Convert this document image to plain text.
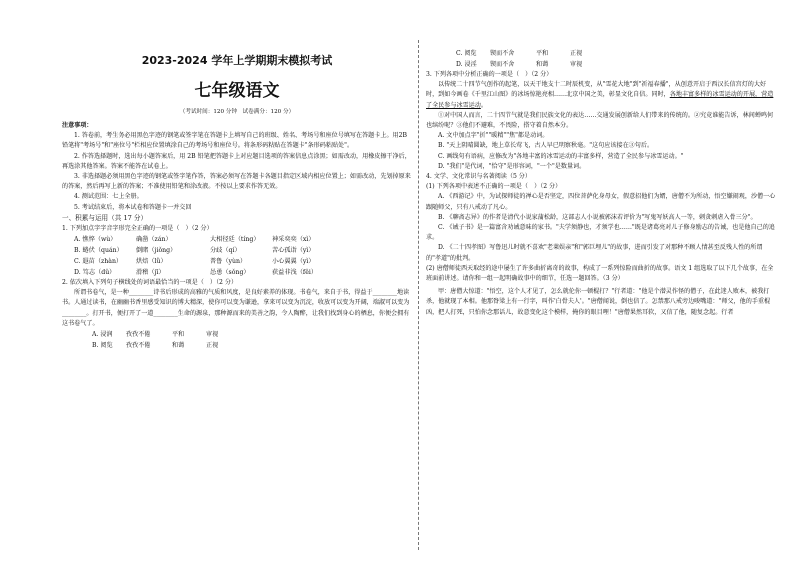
2023-2024 学年上学期期末模拟考试
七年级语文
（考试时间：120 分钟　试卷满分：120 分）

注意事项：

1. 答卷前，考生务必用黑色字迹的钢笔或签字笔在答题卡上填写自己的班级、姓名、考场号和座位号填写在答题卡上。用2B铅笔将"考场号"和"座位号"栏相应位置填涂自己的考场号和座位号。将条形码粘贴在答题卡"条形码粘贴处"。

2. 作答选择题时，选出每小题答案后，用 2B 铅笔把答题卡上对应题目选项的答案信息点涂黑；如需改动，用橡皮擦干净后，再选涂其他答案。答案不能答在试卷上。

3. 非选择题必须用黑色字迹的钢笔或签字笔作答，答案必须写在答题卡各题目指定区域内相应位置上；如需改动，先划掉原来的答案，然后再写上新的答案；不准使用铅笔和涂改液。不按以上要求作答无效。

4. 测试范围：七上全册。

5. 考试结束后，将本试卷和答题卡一并交回

一、积累与运用（共 17 分）

1. 下列加点字字音字形完全正确的一项是（　）（2 分）

A. 憔悴（wù）	确凿（zán）	大相径廷（tíng）	神采奕奕（xì）
B. 蜷伏（quán）	倒睹（jiǒng）	分歧（qí）	苦心孤诣（yì）
C. 遐苗（zhàn）	烘焙（lǜ）	普鲁（yùn）	小心翼翼（yì）
D. 笃志（dǔ）	滑稽（jī）	怂恿（sǒng）	获益非浅（fěi）

2. 依次填入下列句子横线处的词语最恰当的一项是（　）（2 分）

所谓书卷气，是一种________诗书后形成的高雅的气质和风度，是良好素养的体现。书卷气，来自于书，得益于________地读书。人通过读书，在幽幽书香里感受知识的博大精深，使你可以变为谦逊，拿来可以变为沉淀，收放可以变为开阔，端淑可以变为________。打开书，便打开了一道________生命的源泉，那种源而来的美善之韵，令人陶醉，让我们找到身心的栖息，你便会拥有这书卷气了。

A. 浸润	孜孜不倦	平和	审视
B. 阅览	孜孜不倦	和蔼	正视
C. 阅览	锲而不舍	平和	正视
D. 浸淫	锲而不舍	和蔼	审视

3. 下列各项中分析正确的一项是（　）（2 分）

以传统二十四节气创作的起笔，以天干地支十二时辰机变，从"雪花大地"到"祈福春播"，从创意开启于西汉长信宫灯的大好时，到如今画卷《千里江山图》的冰场惊艳亮相……北京中国之美，彰显文化自信。同时，各地丰富多样的冰雪运动的开展，营造了全民参与冰雪运动。

①对中国人而言，二十四节气就是我们民族文化的表达……交通发展创新给人们带来的传统的。②究竟谁能告诉，林间蝉鸣何也缤纷呢？③他们不避难，不畏险，搭守着自然本分。

A. 文中加点字"折""暖精""焦"都是动词。

B. "天上阴晴圆缺，地上草长莺飞，古人早已明察秋毫。"这句应该接在③句后。

C. 画线句有语病，应修改为"各地丰富的冰雪运动的丰富多样，营造了全民参与冰雪运动。"

D. "我们"是代词，"恰守"是形容词，"一个"是数量词。

4. 文学、文化常识与名著阅读（5 分）

(1) 下列各项中表述不正确的一项是（　）（2 分）

A. 《西游记》中，为试探师徒的禅心是否坚定，四位菩萨化身母女，假意招他们为婿，唐僧不为所动，悟空嫌闹观，沙僧一心跟随师父，只有八戒动了凡心。

B. 《聊斋志异》的作者是清代小说家蒲松龄，这部志人小说被郭沫若评价为"写鬼写妖高人一等，刺贪刺虐入骨三分"。

C. 《诫子书》是一篇富含劝诫意味的家书。"夫学须静也，才须学也……"既是诸葛亮对儿子修身励志的告诫，也是他自己的追求。

D. 《二十四孝图》写鲁迅儿时就不喜欢"老莱娱亲"和"郭巨埋儿"的故事，进而引发了对那种不顾人情甚至反残人性的所谓的"孝道"的批判。

(2) 唐僧师徒西天取经的途中屡生了许多曲折离奇的故事，构成了一系列惊险而曲折的故事。语文 1 组选取了以下几个故事，在全班面前讲述。请你和一组一起明确故事中的细节，任选一题回答。（3 分）

甲：唐僧大惊道："悟空，这个人才见了，怎么就伦你一顿棍打？"行者道："他是个潜灵作怪的僧子，在此迷人败本，被我打杀，他就现了本相。他那脊梁上有一行字，叫作'白骨夫人'。"唐僧闻说，倒也信了。怎禁那八戒旁边唆嘴道："师父，他的手重棍凶，把人打死，只怕你念那话儿，故意变化这个模样，掩你的眼目哩！"唐僧果然耳软，又信了他，随复念起。行者
